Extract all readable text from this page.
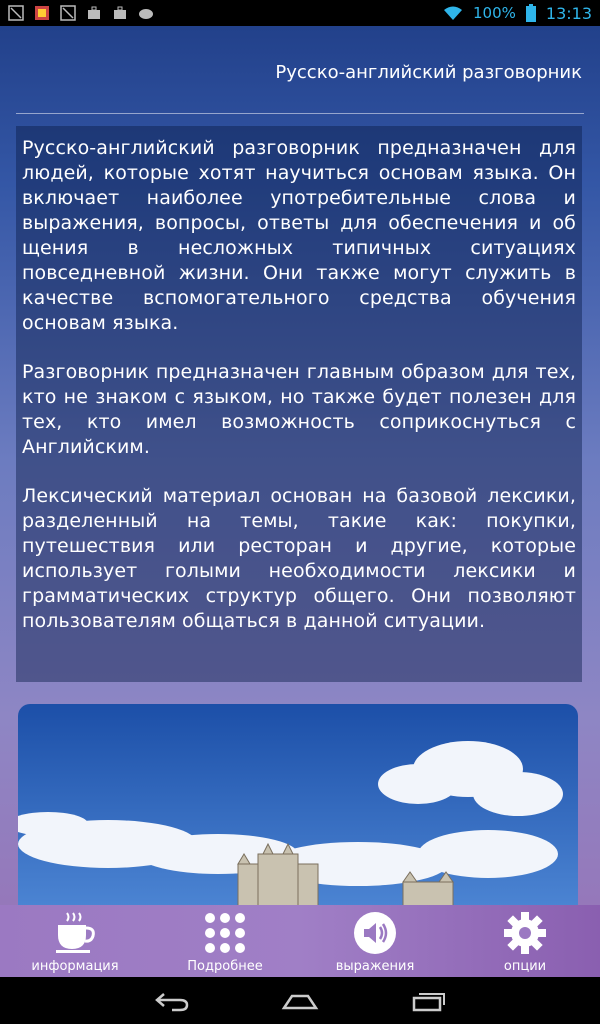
100% 13:13
Русско-английский разговорник

Русско-английский разговорник предназначен для людей, которые хотят научиться основам языка. Он включает наиболее употребительные слова и выражения, вопросы, ответы для обеспечения и об щения в несложных типичных ситуациях повседневной жизни. Они также могут служить в качестве вспомогательного средства обучения основам языка.

Разговорник предназначен главным образом для тех, кто не знаком с языком, но также будет полезен для тех, кто имел возможность соприкоснуться с Английским.

Лексический материал основан на базовой лексики, разделенный на темы, такие как: покупки, путешествия или ресторан и другие, которые использует голыми необходимости лексики и грамматических структур общего. Они позволяют пользователям общаться в данной ситуации.

информация	Подробнее	выражения	опции
